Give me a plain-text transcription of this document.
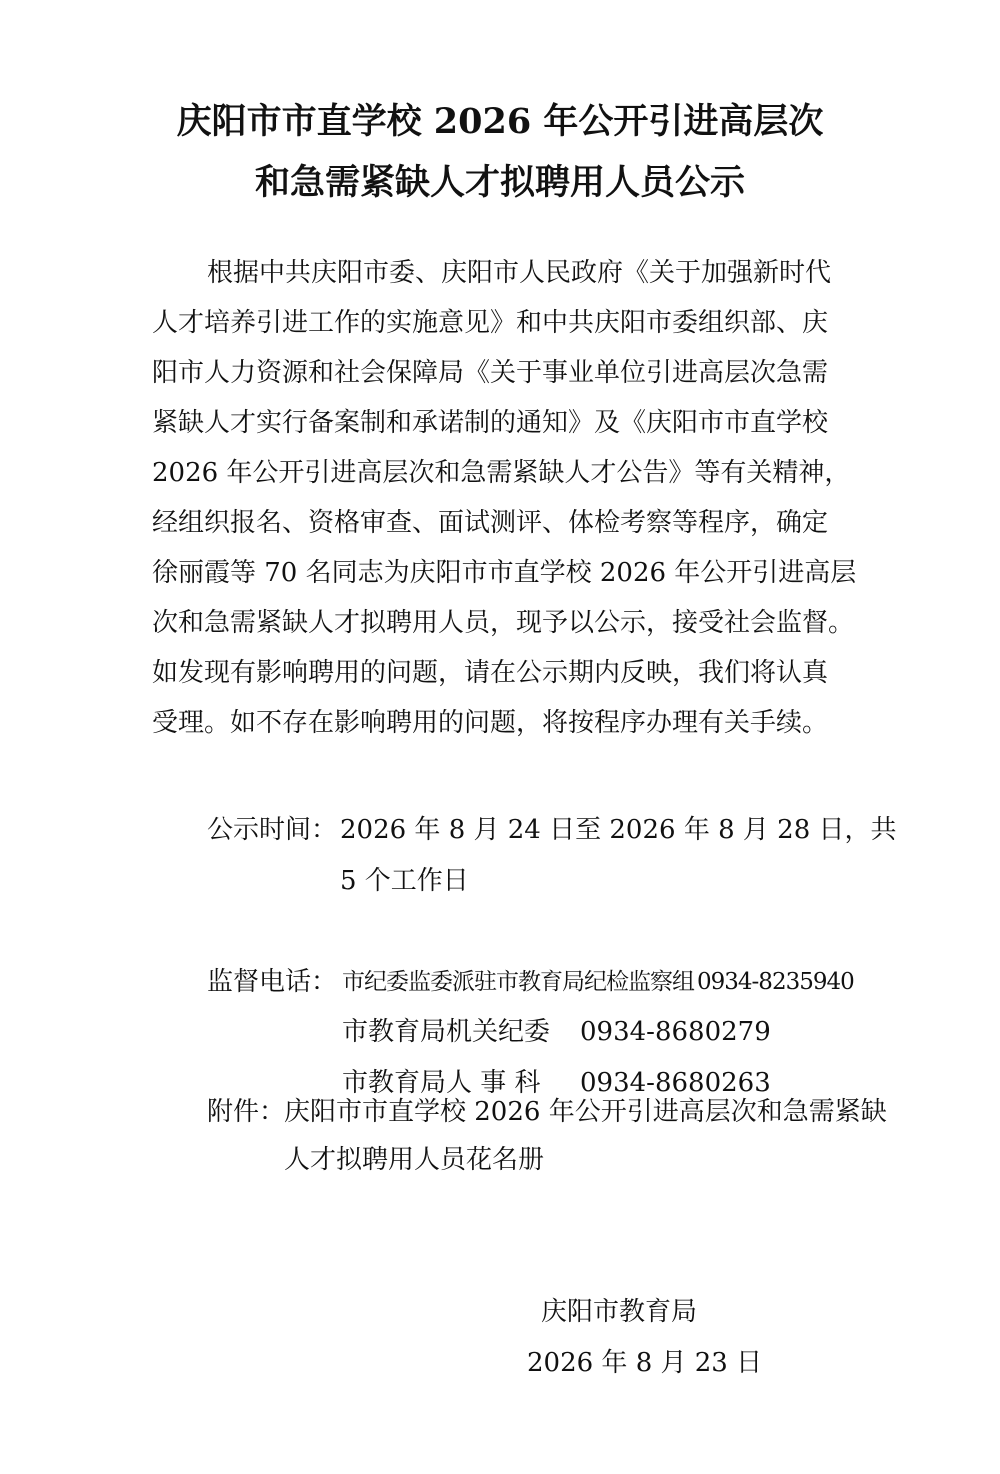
庆阳市市直学校 2026 年公开引进高层次
和急需紧缺人才拟聘用人员公示
根据中共庆阳市委、庆阳市人民政府《关于加强新时代
人才培养引进工作的实施意见》和中共庆阳市委组织部、庆
阳市人力资源和社会保障局《关于事业单位引进高层次急需
紧缺人才实行备案制和承诺制的通知》及《庆阳市市直学校
2026 年公开引进高层次和急需紧缺人才公告》等有关精神，
经组织报名、资格审查、面试测评、体检考察等程序，确定
徐丽霞等 70 名同志为庆阳市市直学校 2026 年公开引进高层
次和急需紧缺人才拟聘用人员，现予以公示，接受社会监督。
如发现有影响聘用的问题，请在公示期内反映，我们将认真
受理。如不存在影响聘用的问题，将按程序办理有关手续。
公示时间： 2026 年 8 月 24 日至 2026 年 8 月 28 日，共
5 个工作日
监督电话： 市纪委监委派驻市教育局纪检监察组 0934-8235940
市教育局机关纪委 0934-8680279
市教育局人 事 科 0934-8680263
附件：
庆阳市市直学校 2026 年公开引进高层次和急需紧缺
人才拟聘用人员花名册
庆阳市教育局
2026 年 8 月 23 日
